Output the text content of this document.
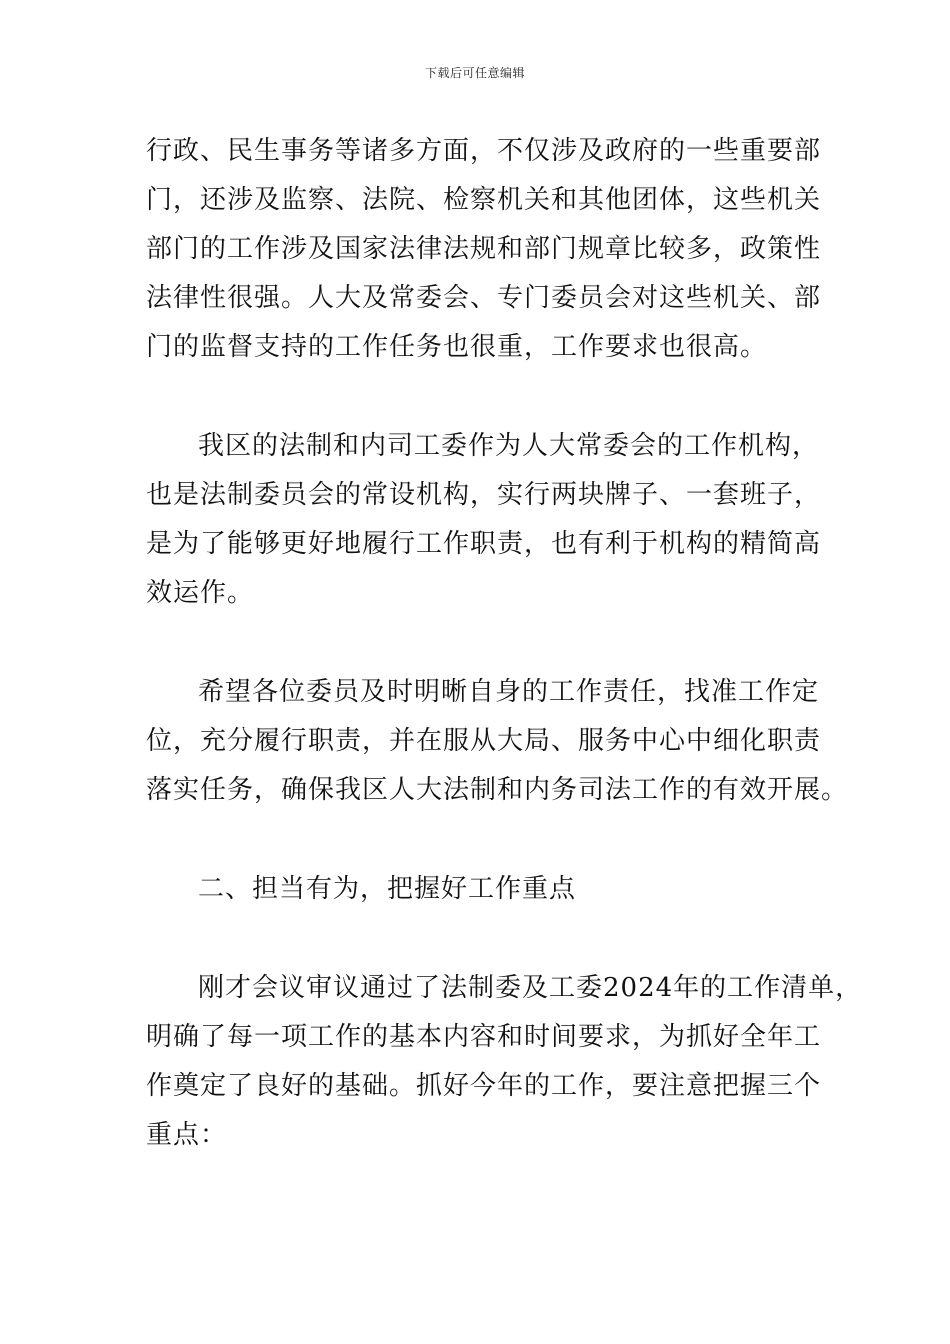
下载后可任意编辑

行政、民生事务等诸多方面，不仅涉及政府的一些重要部
门，还涉及监察、法院、检察机关和其他团体，这些机关
部门的工作涉及国家法律法规和部门规章比较多，政策性
法律性很强。人大及常委会、专门委员会对这些机关、部
门的监督支持的工作任务也很重，工作要求也很高。

我区的法制和内司工委作为人大常委会的工作机构，
也是法制委员会的常设机构，实行两块牌子、一套班子，
是为了能够更好地履行工作职责，也有利于机构的精简高
效运作。

希望各位委员及时明晰自身的工作责任，找准工作定
位，充分履行职责，并在服从大局、服务中心中细化职责
落实任务，确保我区人大法制和内务司法工作的有效开展。

二、担当有为，把握好工作重点

刚才会议审议通过了法制委及工委2024年的工作清单，
明确了每一项工作的基本内容和时间要求，为抓好全年工
作奠定了良好的基础。抓好今年的工作，要注意把握三个
重点：
